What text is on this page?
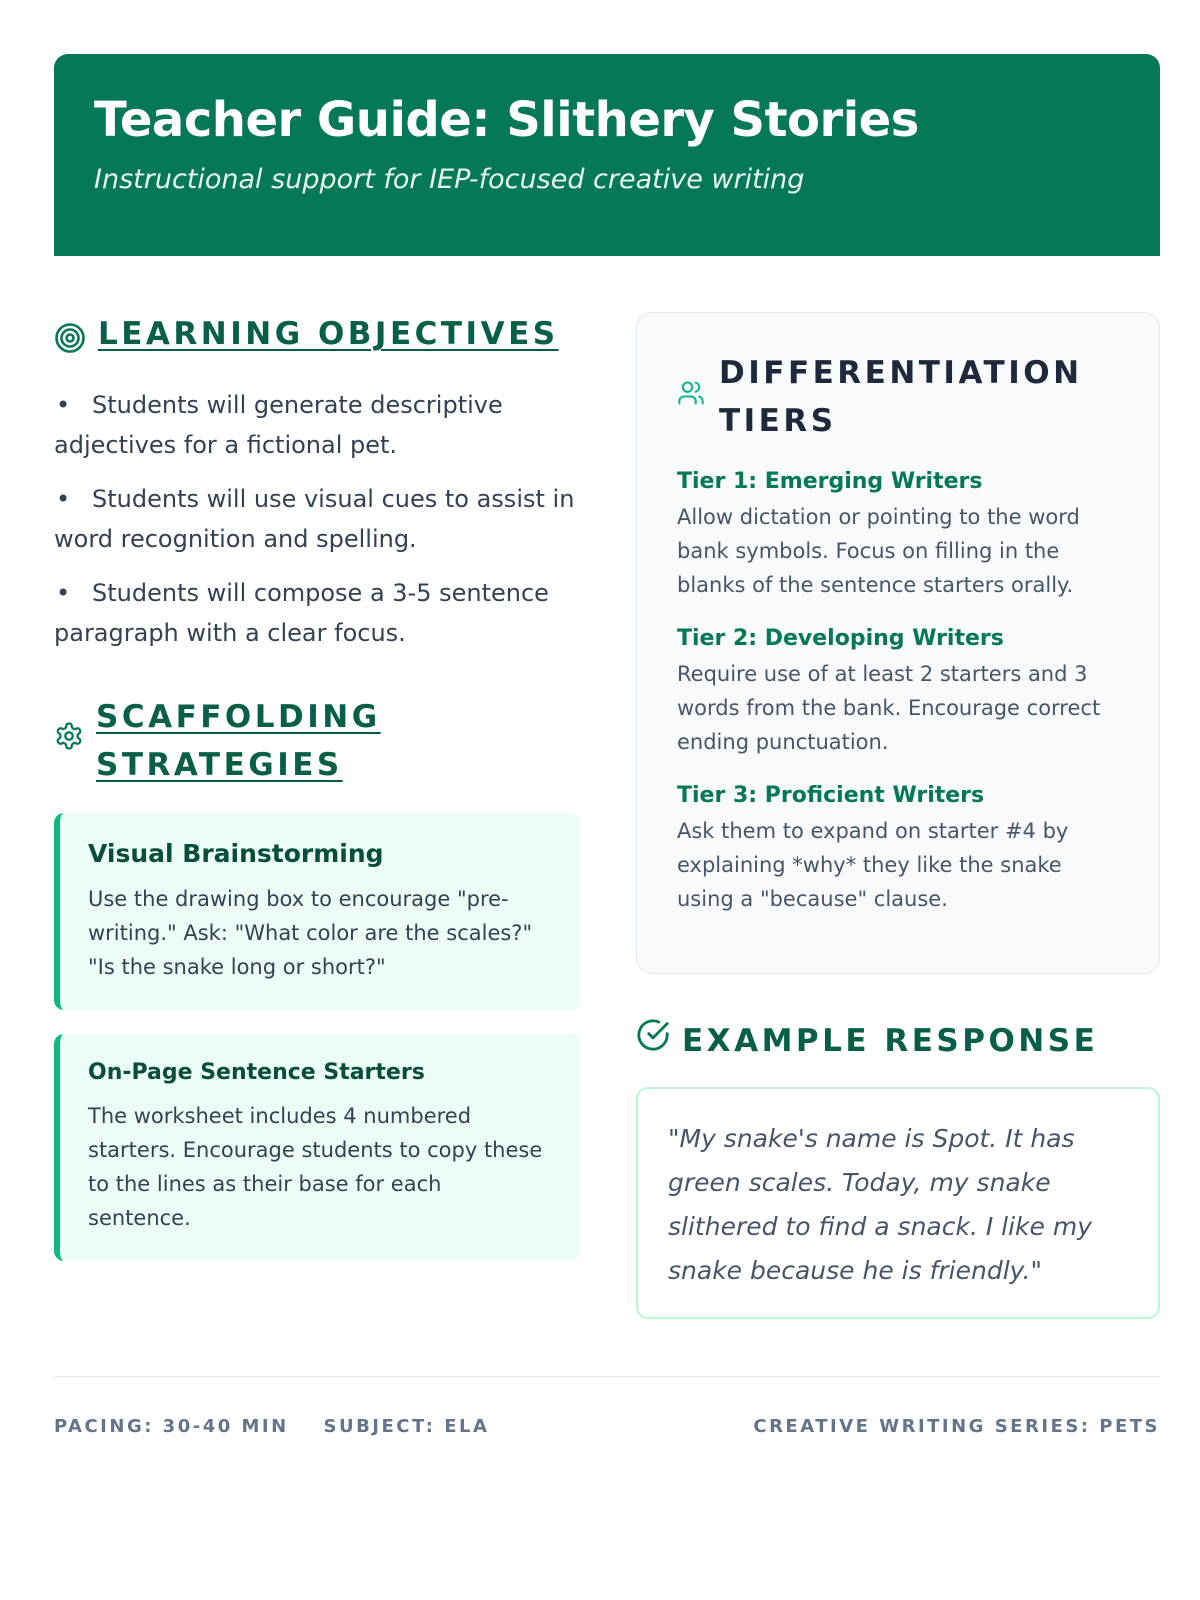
Teacher Guide: Slithery Stories
Instructional support for IEP-focused creative writing
LEARNING OBJECTIVES
• Students will generate descriptive adjectives for a fictional pet.
• Students will use visual cues to assist in word recognition and spelling.
• Students will compose a 3-5 sentence paragraph with a clear focus.
SCAFFOLDING
STRATEGIES
Visual Brainstorming
Use the drawing box to encourage "pre-writing." Ask: "What color are the scales?" "Is the snake long or short?"
On-Page Sentence Starters
The worksheet includes 4 numbered starters. Encourage students to copy these to the lines as their base for each sentence.
DIFFERENTIATION
TIERS
Tier 1: Emerging Writers
Allow dictation or pointing to the word bank symbols. Focus on filling in the blanks of the sentence starters orally.
Tier 2: Developing Writers
Require use of at least 2 starters and 3 words from the bank. Encourage correct ending punctuation.
Tier 3: Proficient Writers
Ask them to expand on starter #4 by explaining *why* they like the snake using a "because" clause.
EXAMPLE RESPONSE

"My snake's name is Spot. It has green scales. Today, my snake slithered to find a snack. I like my snake because he is friendly."

PACING: 30-40 MIN SUBJECT: ELA	CREATIVE WRITING SERIES: PETS
